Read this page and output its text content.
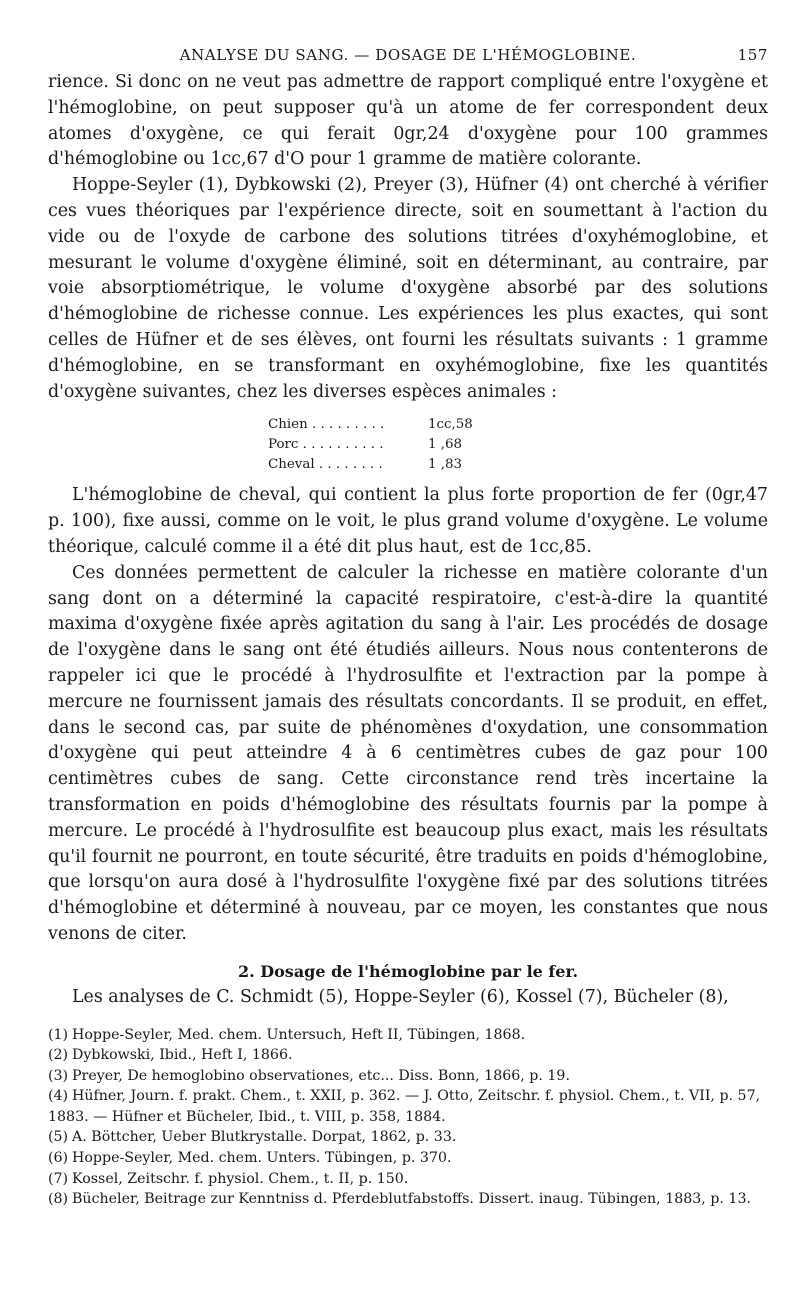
ANALYSE DU SANG. — DOSAGE DE L'HÉMOGLOBINE.	157

rience. Si donc on ne veut pas admettre de rapport compliqué entre l'oxygène et l'hémoglobine, on peut supposer qu'à un atome de fer correspondent deux atomes d'oxygène, ce qui ferait 0gr,24 d'oxygène pour 100 grammes d'hémoglobine ou 1cc,67 d'O pour 1 gramme de matière colorante.

Hoppe-Seyler (1), Dybkowski (2), Preyer (3), Hüfner (4) ont cherché à vérifier ces vues théoriques par l'expérience directe, soit en soumettant à l'action du vide ou de l'oxyde de carbone des solutions titrées d'oxyhémoglobine, et mesurant le volume d'oxygène éliminé, soit en déterminant, au contraire, par voie absorptiométrique, le volume d'oxygène absorbé par des solutions d'hémoglobine de richesse connue. Les expériences les plus exactes, qui sont celles de Hüfner et de ses élèves, ont fourni les résultats suivants : 1 gramme d'hémoglobine, en se transformant en oxyhémoglobine, fixe les quantités d'oxygène suivantes, chez les diverses espèces animales :

Chien . . . . . . . . .	1cc,58
Porc . . . . . . . . . .	1 ,68
Cheval . . . . . . . .	1 ,83

L'hémoglobine de cheval, qui contient la plus forte proportion de fer (0gr,47 p. 100), fixe aussi, comme on le voit, le plus grand volume d'oxygène. Le volume théorique, calculé comme il a été dit plus haut, est de 1cc,85.

Ces données permettent de calculer la richesse en matière colorante d'un sang dont on a déterminé la capacité respiratoire, c'est-à-dire la quantité maxima d'oxygène fixée après agitation du sang à l'air. Les procédés de dosage de l'oxygène dans le sang ont été étudiés ailleurs. Nous nous contenterons de rappeler ici que le procédé à l'hydrosulfite et l'extraction par la pompe à mercure ne fournissent jamais des résultats concordants. Il se produit, en effet, dans le second cas, par suite de phénomènes d'oxydation, une consommation d'oxygène qui peut atteindre 4 à 6 centimètres cubes de gaz pour 100 centimètres cubes de sang. Cette circonstance rend très incertaine la transformation en poids d'hémoglobine des résultats fournis par la pompe à mercure. Le procédé à l'hydrosulfite est beaucoup plus exact, mais les résultats qu'il fournit ne pourront, en toute sécurité, être traduits en poids d'hémoglobine, que lorsqu'on aura dosé à l'hydrosulfite l'oxygène fixé par des solutions titrées d'hémoglobine et déterminé à nouveau, par ce moyen, les constantes que nous venons de citer.

2. Dosage de l'hémoglobine par le fer.

Les analyses de C. Schmidt (5), Hoppe-Seyler (6), Kossel (7), Bücheler (8),

(1) Hoppe-Seyler, Med. chem. Untersuch, Heft II, Tübingen, 1868.
(2) Dybkowski, Ibid., Heft I, 1866.
(3) Preyer, De hemoglobino observationes, etc... Diss. Bonn, 1866, p. 19.
(4) Hüfner, Journ. f. prakt. Chem., t. XXII, p. 362. — J. Otto, Zeitschr. f. physiol. Chem., t. VII, p. 57, 1883. — Hüfner et Bücheler, Ibid., t. VIII, p. 358, 1884.
(5) A. Böttcher, Ueber Blutkrystalle. Dorpat, 1862, p. 33.
(6) Hoppe-Seyler, Med. chem. Unters. Tübingen, p. 370.
(7) Kossel, Zeitschr. f. physiol. Chem., t. II, p. 150.
(8) Bücheler, Beitrage zur Kenntniss d. Pferdeblutfabstoffs. Dissert. inaug. Tübingen, 1883, p. 13.
